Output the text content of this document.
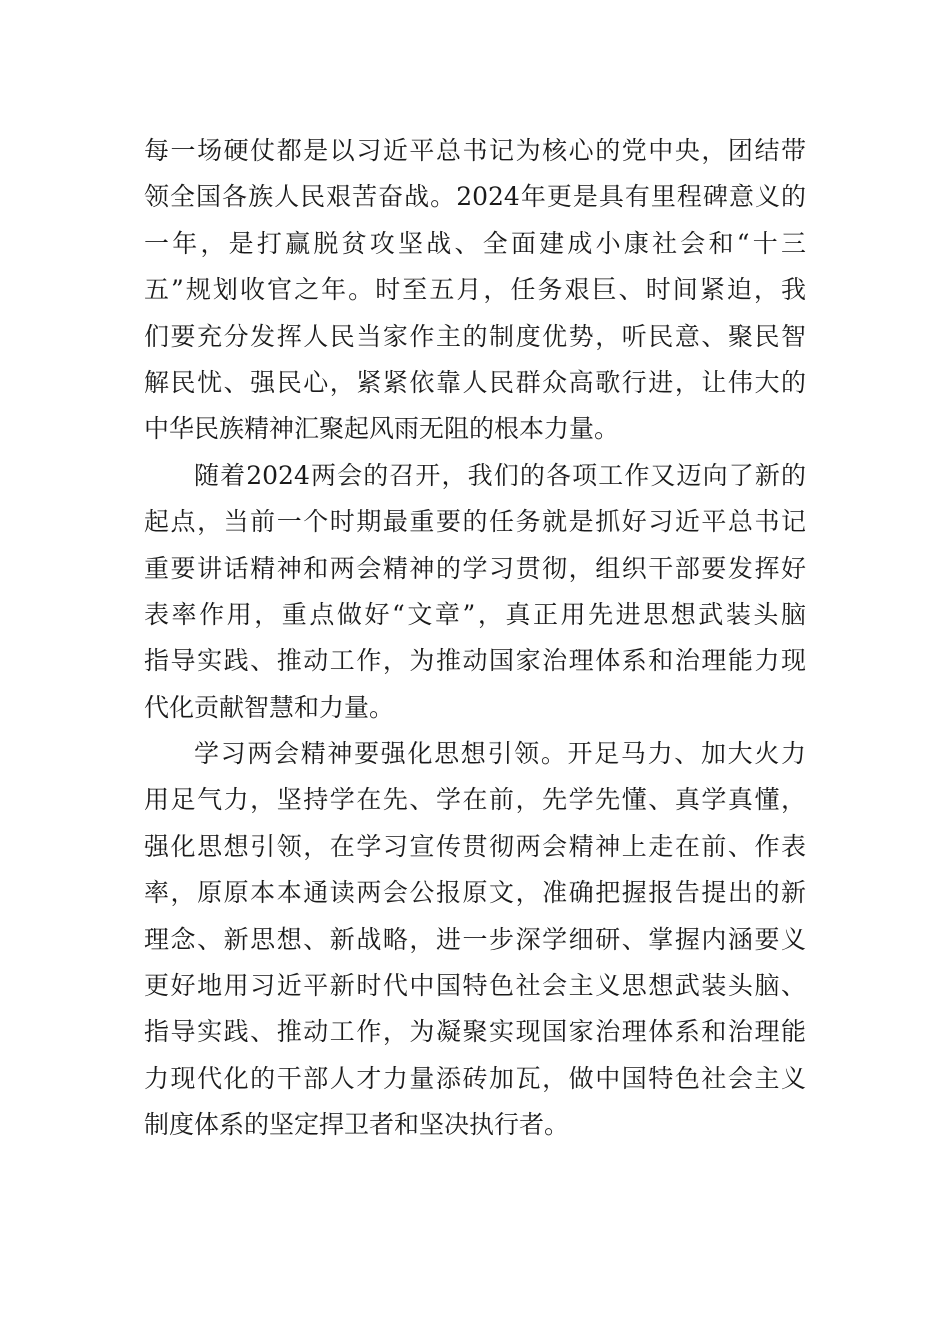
每一场硬仗都是以习近平总书记为核心的党中央，团结带
领全国各族人民艰苦奋战。2024年更是具有里程碑意义的
一年，是打赢脱贫攻坚战、全面建成小康社会和“十三
五”规划收官之年。时至五月，任务艰巨、时间紧迫，我
们要充分发挥人民当家作主的制度优势，听民意、聚民智
解民忧、强民心，紧紧依靠人民群众高歌行进，让伟大的
中华民族精神汇聚起风雨无阻的根本力量。
随着2024两会的召开，我们的各项工作又迈向了新的
起点，当前一个时期最重要的任务就是抓好习近平总书记
重要讲话精神和两会精神的学习贯彻，组织干部要发挥好
表率作用，重点做好“文章”，真正用先进思想武装头脑
指导实践、推动工作，为推动国家治理体系和治理能力现
代化贡献智慧和力量。
学习两会精神要强化思想引领。开足马力、加大火力
用足气力，坚持学在先、学在前，先学先懂、真学真懂，
强化思想引领，在学习宣传贯彻两会精神上走在前、作表
率，原原本本通读两会公报原文，准确把握报告提出的新
理念、新思想、新战略，进一步深学细研、掌握内涵要义
更好地用习近平新时代中国特色社会主义思想武装头脑、
指导实践、推动工作，为凝聚实现国家治理体系和治理能
力现代化的干部人才力量添砖加瓦，做中国特色社会主义
制度体系的坚定捍卫者和坚决执行者。
